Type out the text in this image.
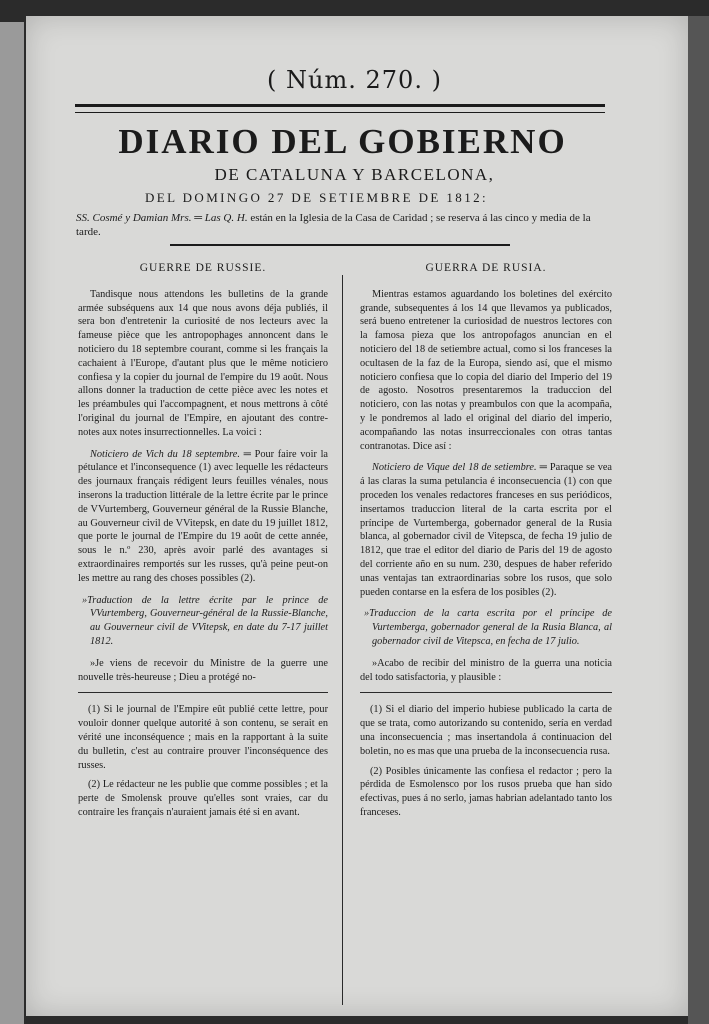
( Núm. 270. )
DIARIO DEL GOBIERNO
DE CATALUNA Y BARCELONA,
DEL DOMINGO 27 DE SETIEMBRE DE 1812:
SS. Cosmé y Damian Mrs. ═ Las Q. H. están en la Iglesia de la Casa de Caridad ; se reserva á las cinco y media de la tarde.
GUERRE DE RUSSIE.

Tandisque nous attendons les bulletins de la grande armée subséquens aux 14 que nous avons déja publiés, il sera bon d'entretenir la curiosité de nos lecteurs avec la fameuse pièce que les antropophages annoncent dans le noticiero du 18 septembre courant, comme si les français la cachaient à l'Europe, d'autant plus que le même noticiero confiesa y la copier du journal de l'empire du 19 août. Nous allons donner la traduction de cette pièce avec les notes et les préambules qui l'accompagnent, et nous mettrons à côté l'original du journal de l'Empire, en ajoutant des contre-notes aux notes insurrectionnelles. La voici :

Noticiero de Vich du 18 septembre. ═ Pour faire voir la pétulance et l'inconsequence (1) avec lequelle les rédacteurs des journaux français rédigent leurs feuilles vénales, nous inserons la traduction littérale de la lettre écrite par le prince de VVurtemberg, Gouverneur général de la Russie Blanche, au Gouverneur civil de VVitepsk, en date du 19 juillet 1812, que porte le journal de l'Empire du 19 août de cette année, sous le n.º 230, après avoir parlé des avantages si extraordinaires remportés sur les russes, qu'à peine peut-on les mettre au rang des choses possibles (2).

»Traduction de la lettre écrite par le prince de VVurtemberg, Gouverneur-général de la Russie-Blanche, au Gouverneur civil de VVitepsk, en date du 7-17 juillet 1812.

»Je viens de recevoir du Ministre de la guerre une nouvelle très-heureuse ; Dieu a protégé no-

(1) Si le journal de l'Empire eût publié cette lettre, pour vouloir donner quelque autorité à son contenu, se serait en vérité une inconséquence ; mais en la rapportant à la suite du bulletin, c'est au contraire prouver l'inconséquence des russes.

(2) Le rédacteur ne les publie que comme possibles ; et la perte de Smolensk prouve qu'elles sont vraies, car du contraire les français n'auraient jamais été si en avant.

GUERRA DE RUSIA.

Mientras estamos aguardando los boletines del exército grande, subsequentes á los 14 que llevamos ya publicados, será bueno entretener la curiosidad de nuestros lectores con la famosa pieza que los antropofagos anuncian en el noticiero del 18 de setiembre actual, como si los franceses la ocultasen de la faz de la Europa, siendo así, que el mismo noticiero confiesa que lo copia del diario del Imperio del 19 de agosto. Nosotros presentaremos la traduccion del noticiero, con las notas y preambulos con que la acompaña, y le pondremos al lado el original del diario del imperio, acompañando las notas insurreccionales con otras tantas contranotas. Dice así :

Noticiero de Vique del 18 de setiembre. ═ Paraque se vea á las claras la suma petulancia é inconsecuencia (1) con que proceden los venales redactores franceses en sus periódicos, insertamos traduccion literal de la carta escrita por el príncipe de Vurtemberga, gobernador general de la Rusia blanca, al gobernador civil de Vitepsca, de fecha 19 julio de 1812, que trae el editor del diario de Paris del 19 de agosto del corriente año en su num. 230, despues de haber referido unas ventajas tan extraordinarias sobre los rusos, que solo pueden contarse en la esfera de los posibles (2).

»Traduccion de la carta escrita por el príncipe de Vurtemberga, gobernador general de la Rusia Blanca, al gobernador civil de Vitepsca, en fecha de 17 julio.

»Acabo de recibir del ministro de la guerra una noticia del todo satisfactoria, y plausible :

(1) Si el diario del imperio hubiese publicado la carta de que se trata, como autorizando su contenido, sería en verdad una inconsecuencia ; mas insertandola á continuacion del boletin, no es mas que una prueba de la inconsecuencia rusa.

(2) Posibles únicamente las confiesa el redactor ; pero la pérdida de Esmolensco por los rusos prueba que han sido efectivas, pues á no serlo, jamas habrian adelantado tanto los franceses.
